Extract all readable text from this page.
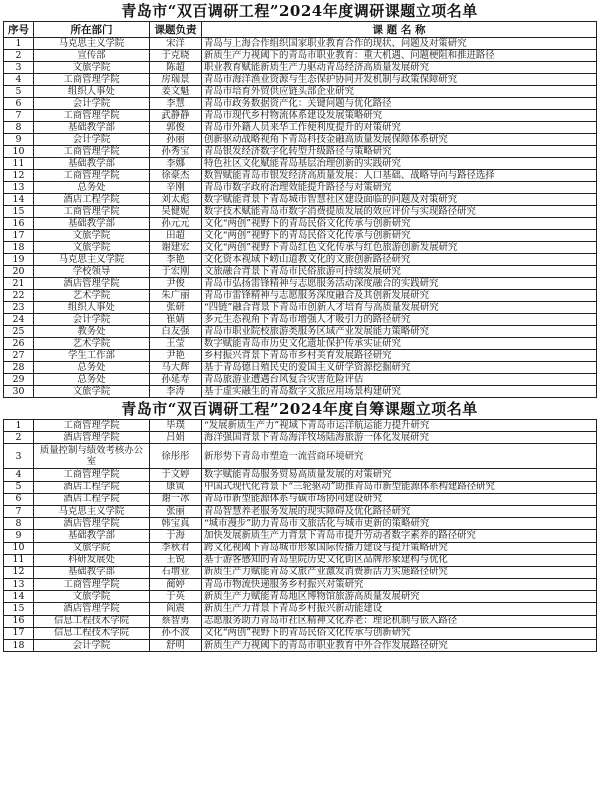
青岛市“双百调研工程”2024年度调研课题立项名单
序号	所在部门	课题负责	课 题 名 称
1	马克思主义学院	宋洋	青岛与上海合作组织国家职业教育合作的现状、问题及对策研究
2	宣传部	于克晓	新质生产力视阈下的青岛市职业教育：重大机遇、问题梗阻和推进路径
3	文旅学院	陈超	职业教育赋能新质生产力驱动青岛经济高质量发展研究
4	工商管理学院	房瑞景	青岛市海洋渔业资源与生态保护协同开发机制与政策保障研究
5	组织人事处	姜文魁	青岛市培育外贸供应链头部企业研究
6	会计学院	李慧	青岛市政务数据资产化：关键问题与优化路径
7	工商管理学院	武静静	青岛市现代乡村物流体系建设发展策略研究
8	基础教学部	郭俊	青岛市外籍人员来华工作便利度提升的对策研究
9	会计学院	孙丽	创新驱动战略视角下青岛科技金融高质量发展保障体系研究
10	工商管理学院	孙秀宝	青岛银发经济数字化转型升级路径与策略研究
11	基础教学部	李娜	特色社区文化赋能青岛基层治理创新的实践研究
12	工商管理学院	徐豪杰	数智赋能青岛市银发经济高质量发展：人口基础、战略导向与路径选择
13	总务处	辛刚	青岛市数字政府治理效能提升路径与对策研究
14	酒店工程学院	刘太彪	数字赋能背景下青岛城市智慧社区建设面临的问题及对策研究
15	工商管理学院	吴健妮	数字技术赋能青岛市数字消费提质发展的效应评价与实现路径研究
16	基础教学部	孙元元	文化“两创”视野下的青岛民俗文化传承与创新研究
17	文旅学院	田超	文化“两创”视野下的青岛民俗文化传承与创新研究
18	文旅学院	谢建宏	文化“两创”视野下青岛红色文化传承与红色旅游创新发展研究
19	马克思主义学院	李艳	文化资本视域下崂山道教文化的文旅创新路径研究
20	学校领导	于宏刚	文旅融合背景下青岛市民俗旅游可持续发展研究
21	酒店管理学院	尹俊	青岛市弘扬雷锋精神与志愿服务活动深度融合的实践研究
22	艺术学院	朱广丽	青岛市雷锋精神与志愿服务深度融合及其创新发展研究
23	组织人事处	张研	“四链”融合背景下青岛市创新人才培育与高质量发展研究
24	会计学院	崔婧	多元生态视角下青岛市增强人才吸引力的路径研究
25	教务处	白友强	青岛市职业院校旅游类服务区域产业发展能力策略研究
26	艺术学院	王莹	数字赋能青岛市历史文化遗址保护传承实证研究
27	学生工作部	尹艳	乡村振兴背景下青岛市乡村美育发展路径研究
28	总务处	马大辉	基于青岛德日殖民史的爱国主义研学资源挖掘研究
29	总务处	孙延寿	青岛旅游业遭遇台风复合灾害危险评估
30	文旅学院	李涛	基于虚实融生的青岛数字文旅应用场景构建研究
青岛市“双百调研工程”2024年度自筹课题立项名单
1	工商管理学院	毕璞	“发展新质生产力”视域下青岛市运洋航运能力提升研究
2	酒店管理学院	吕娟	海洋强国背景下青岛海洋牧场陆海旅游一体化发展研究
3	质量控制与绩效考核办公室	徐彤彤	新形势下青岛市塑造一流营商环境研究
4	工商管理学院	于文婷	数字赋能青岛服务贸易高质量发展的对策研究
5	酒店工程学院	康寅	中国式现代化背景下“三轮驱动”助推青岛市新型能源体系构建路径研究
6	酒店工程学院	谢一冰	青岛市新型能源体系与碳市场协同建设研究
7	马克思主义学院	张丽	青岛智慧养老服务发展的现实障碍及优化路径研究
8	酒店管理学院	韩宝真	“城市漫步”助力青岛市文旅活化与城市更新的策略研究
9	基础教学部	于海	加快发展新质生产力背景下青岛市提升劳动者数字素养的路径研究
10	文旅学院	李秋君	跨文化视阈下青岛城市形象国际传播力建设与提升策略研究
11	科研发展处	王锐	基于游客感知的青岛里院历史文化街区品牌形象建构与优化
12	基础教学部	石增业	新质生产力赋能青岛文旅产业激发消费新活力实施路径研究
13	工商管理学院	蔺婷	青岛市物流快递服务乡村振兴对策研究
14	文旅学院	于英	新质生产力赋能青岛地区博物馆旅游高质量发展研究
15	酒店管理学院	阎震	新质生产力背景下青岛乡村振兴新动能建设
16	信息工程技术学院	蔡智勇	志愿服务助力青岛市社区精神文化养老：理论机制与嵌入路径
17	信息工程技术学院	孙不波	文化“两创”视野下的青岛民俗文化传承与创新研究
18	会计学院	舒明	新质生产力视阈下的青岛市职业教育中外合作发展路径研究
